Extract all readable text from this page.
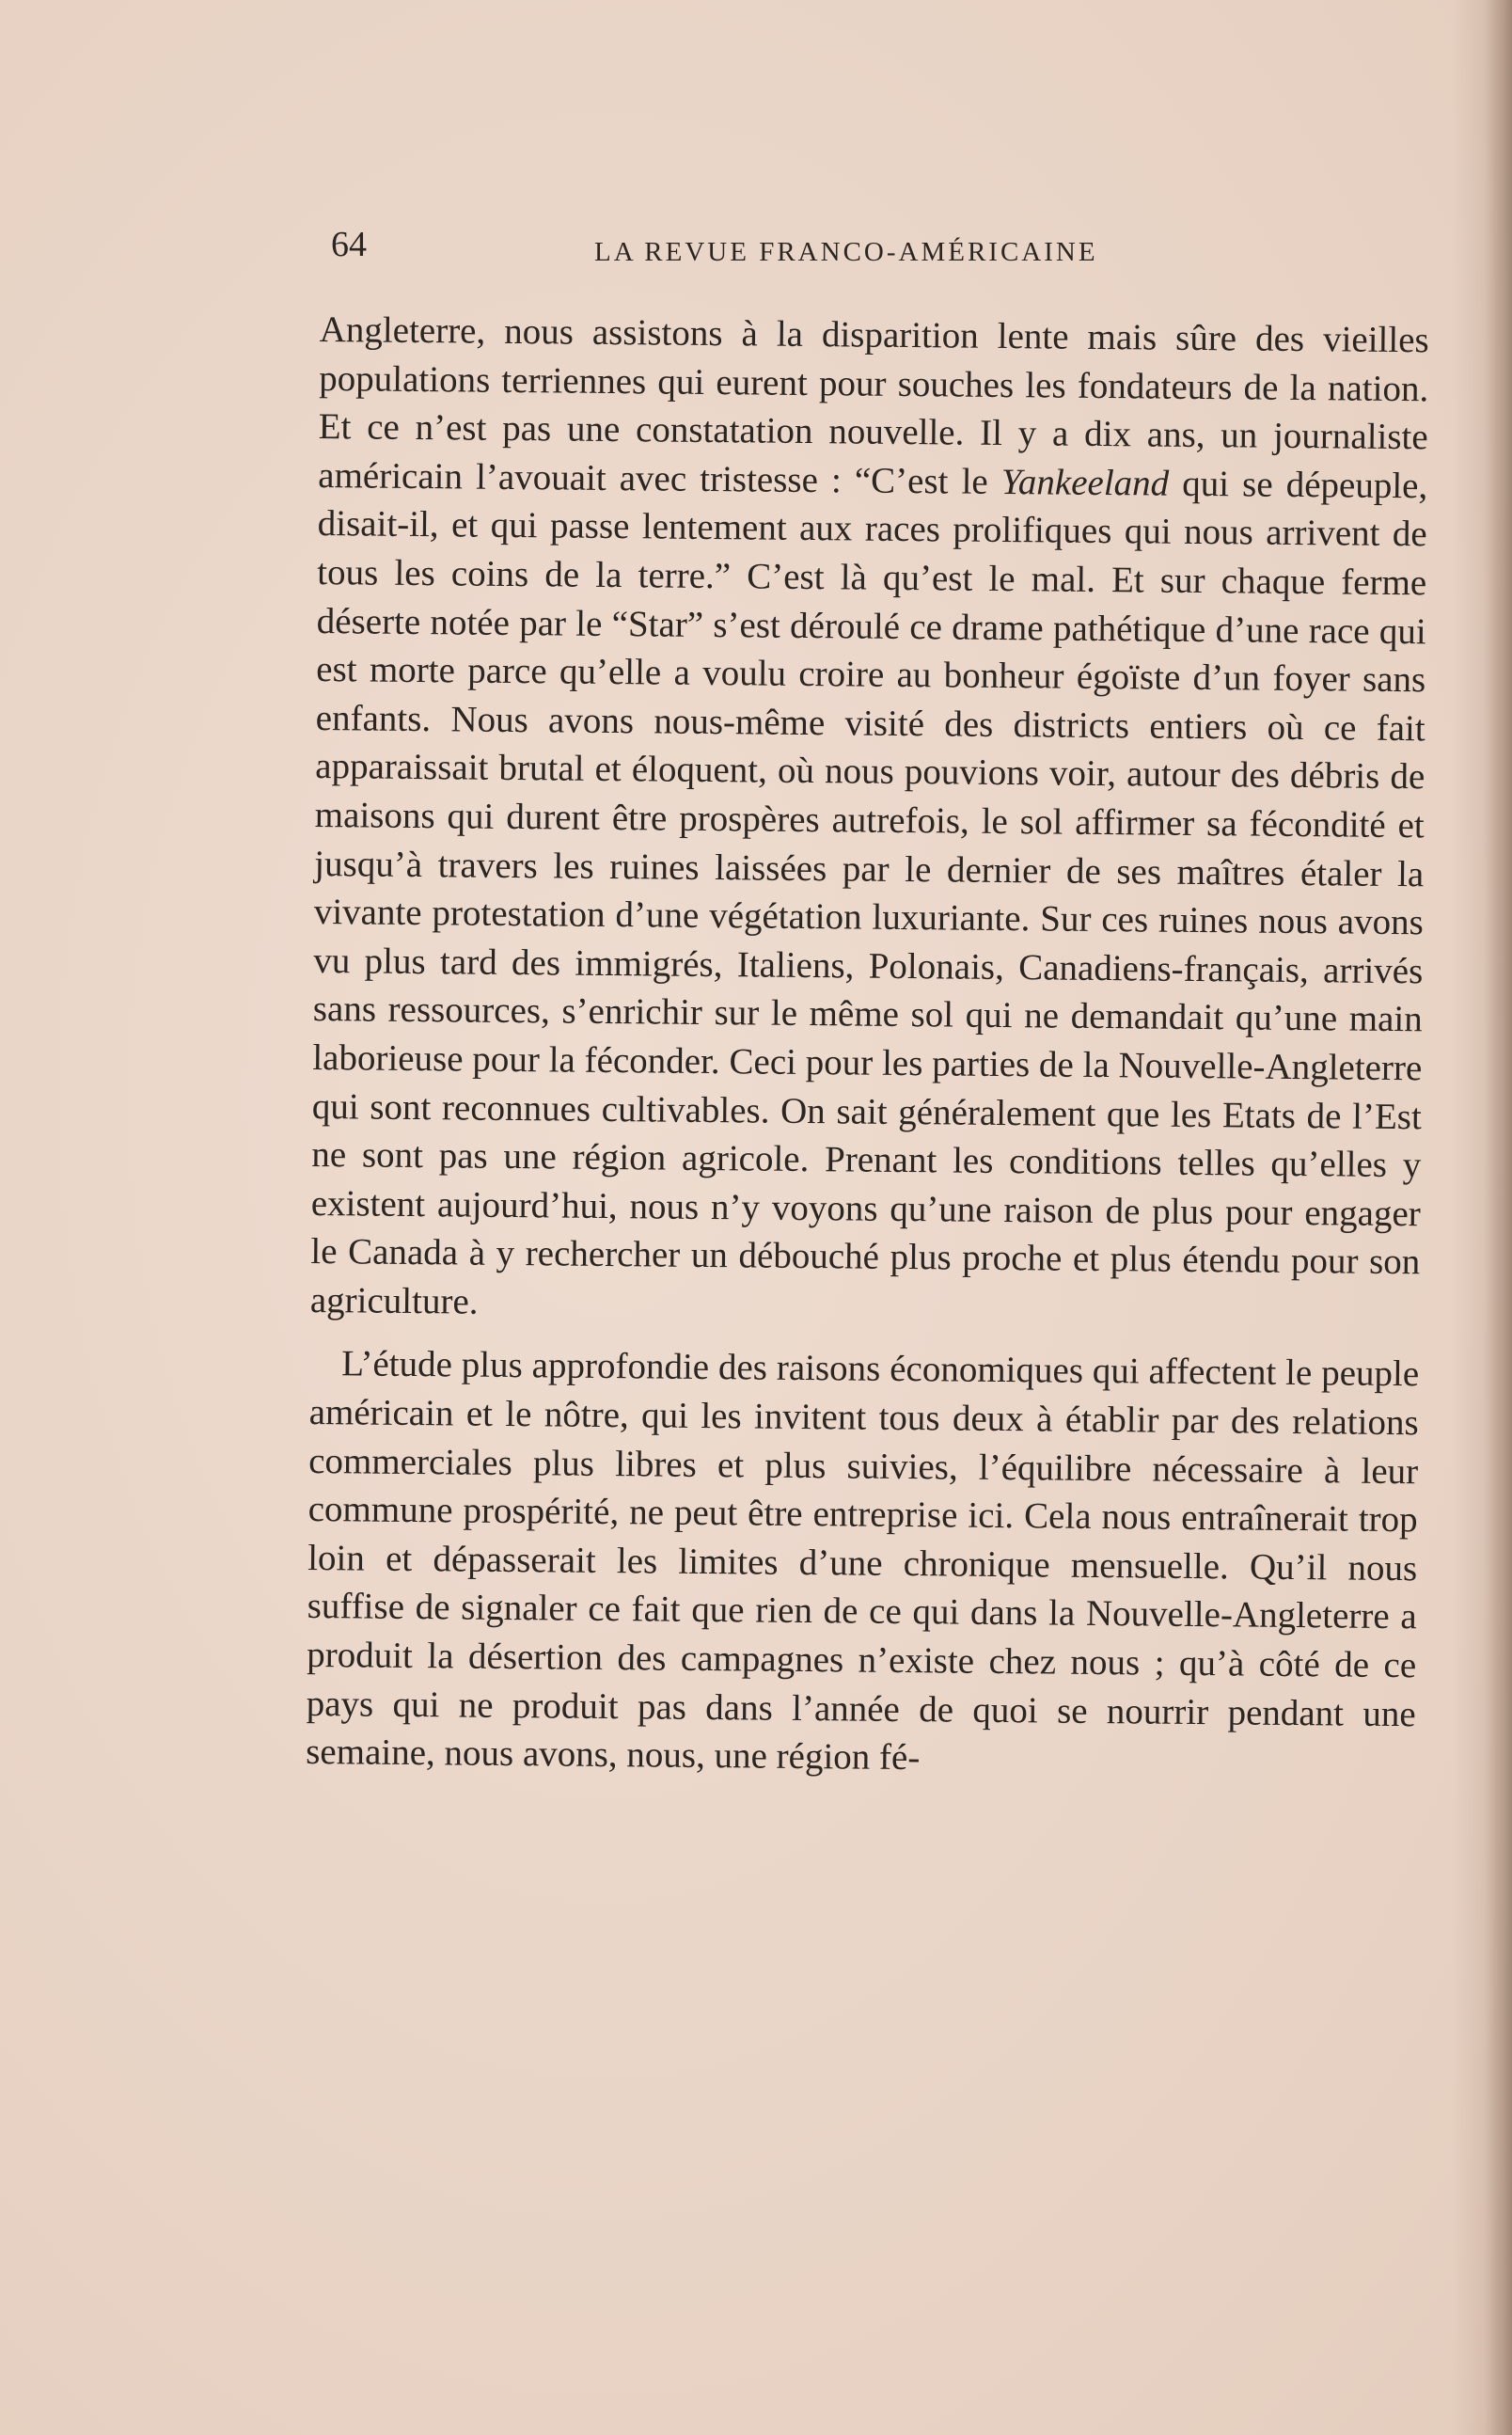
64	LA REVUE FRANCO-AMÉRICAINE

Angleterre, nous assistons à la disparition lente mais sûre des vieilles populations terriennes qui eurent pour souches les fondateurs de la nation. Et ce n’est pas une constatation nouvelle. Il y a dix ans, un journaliste américain l’avouait avec tristesse : “C’est le Yankeeland qui se dépeuple, disait-il, et qui passe lentement aux races prolifiques qui nous arrivent de tous les coins de la terre.” C’est là qu’est le mal. Et sur chaque ferme déserte notée par le “Star” s’est déroulé ce drame pathétique d’une race qui est morte parce qu’elle a voulu croire au bonheur égoïste d’un foyer sans enfants. Nous avons nous-même visité des districts entiers où ce fait apparaissait brutal et éloquent, où nous pouvions voir, autour des débris de maisons qui durent être prospères autrefois, le sol affirmer sa fécondité et jusqu’à travers les ruines laissées par le dernier de ses maîtres étaler la vivante protestation d’une végétation luxuriante. Sur ces ruines nous avons vu plus tard des immigrés, Italiens, Polonais, Canadiens-français, arrivés sans ressources, s’enrichir sur le même sol qui ne demandait qu’une main laborieuse pour la féconder. Ceci pour les parties de la Nouvelle-Angleterre qui sont reconnues cultivables. On sait généralement que les Etats de l’Est ne sont pas une région agricole. Prenant les conditions telles qu’elles y existent aujourd’hui, nous n’y voyons qu’une raison de plus pour engager le Canada à y rechercher un débouché plus proche et plus étendu pour son agriculture.

L’étude plus approfondie des raisons économiques qui affectent le peuple américain et le nôtre, qui les invitent tous deux à établir par des relations commerciales plus libres et plus suivies, l’équilibre nécessaire à leur commune prospérité, ne peut être entreprise ici. Cela nous entraînerait trop loin et dépasserait les limites d’une chronique mensuelle. Qu’il nous suffise de signaler ce fait que rien de ce qui dans la Nouvelle-Angleterre a produit la désertion des campagnes n’existe chez nous ; qu’à côté de ce pays qui ne produit pas dans l’année de quoi se nourrir pendant une semaine, nous avons, nous, une région fé-
